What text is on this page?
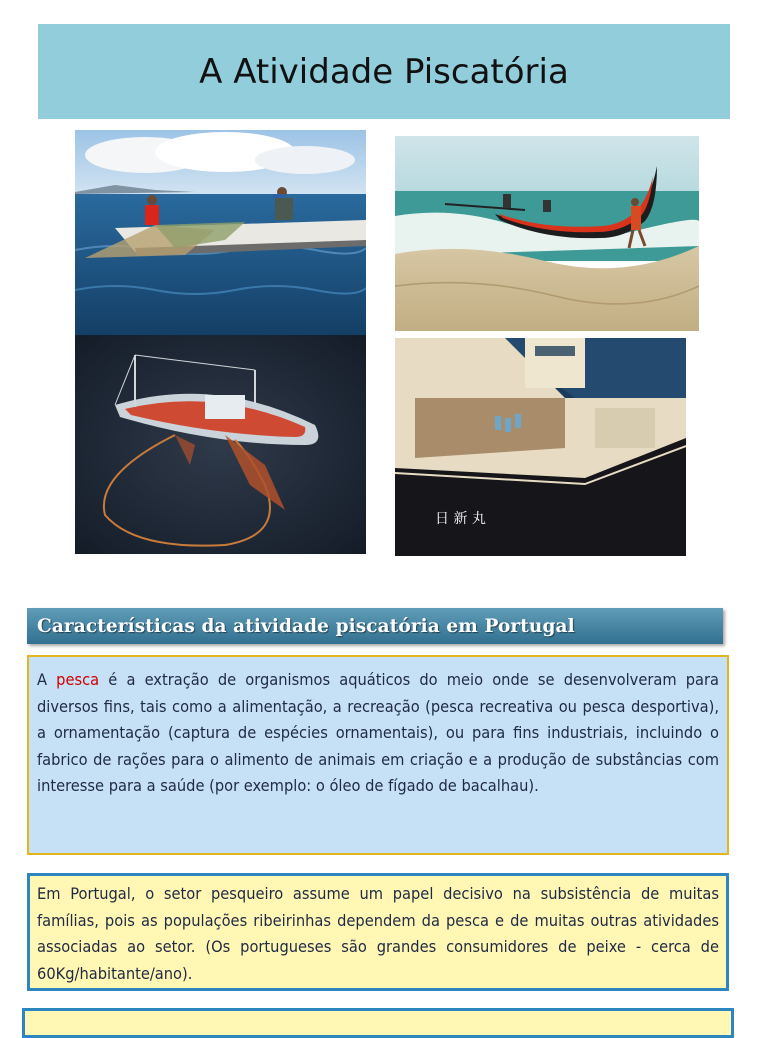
A Atividade Piscatória
日 新 丸
Características da atividade piscatória em Portugal

A pesca é a extração de organismos aquáticos do meio onde se desenvolveram para diversos fins, tais como a alimentação, a recreação (pesca recreativa ou pesca desportiva), a ornamentação (captura de espécies ornamentais), ou para fins industriais, incluindo o fabrico de rações para o alimento de animais em criação e a produção de substâncias com interesse para a saúde (por exemplo: o óleo de fígado de bacalhau).

Em Portugal, o setor pesqueiro assume um papel decisivo na subsistência de muitas famílias, pois as populações ribeirinhas dependem da pesca e de muitas outras atividades associadas ao setor. (Os portugueses são grandes consumidores de peixe - cerca de 60Kg/habitante/ano).
